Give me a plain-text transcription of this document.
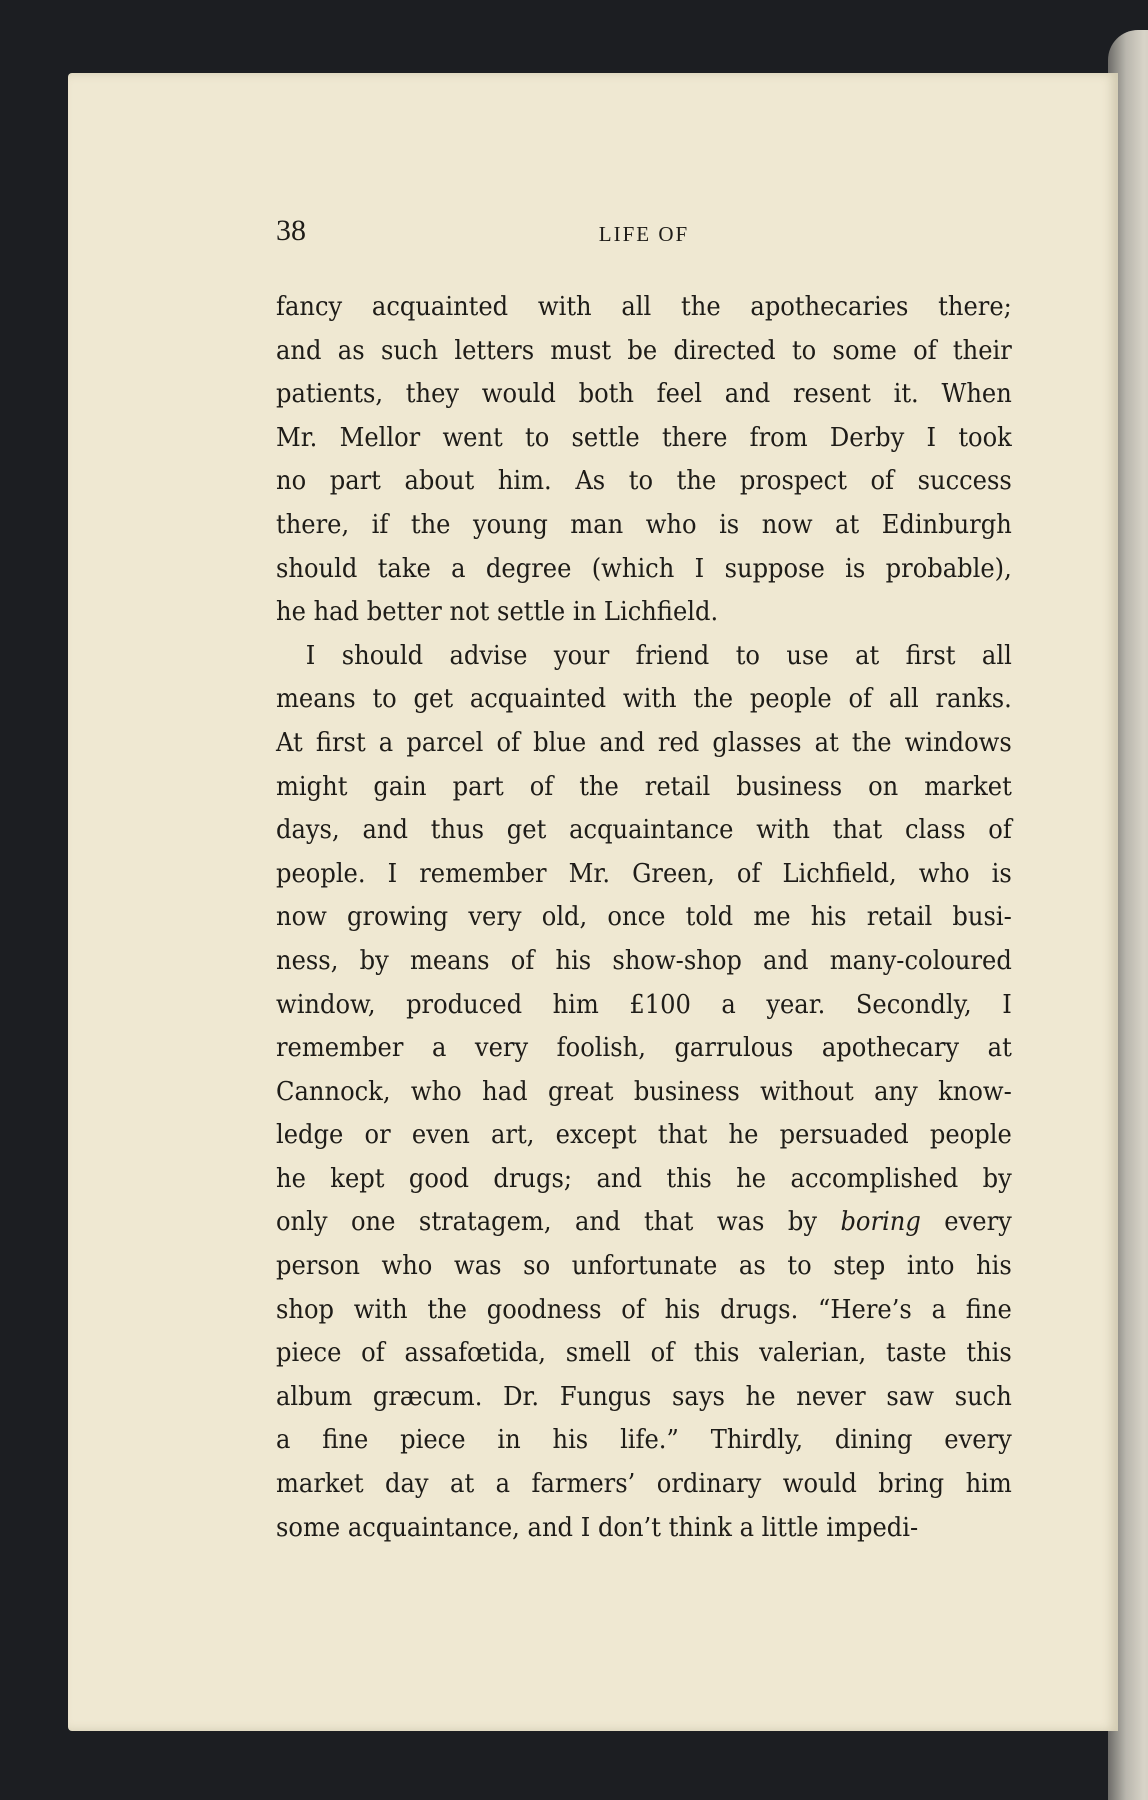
38	LIFE OF
fancy acquainted with all the apothecaries there;
and as such letters must be directed to some of their
patients, they would both feel and resent it. When
Mr. Mellor went to settle there from Derby I took
no part about him. As to the prospect of success
there, if the young man who is now at Edinburgh
should take a degree (which I suppose is probable),
he had better not settle in Lichfield.
I should advise your friend to use at first all
means to get acquainted with the people of all ranks.
At first a parcel of blue and red glasses at the windows
might gain part of the retail business on market
days, and thus get acquaintance with that class of
people. I remember Mr. Green, of Lichfield, who is
now growing very old, once told me his retail busi-
ness, by means of his show-shop and many-coloured
window, produced him £100 a year. Secondly, I
remember a very foolish, garrulous apothecary at
Cannock, who had great business without any know-
ledge or even art, except that he persuaded people
he kept good drugs; and this he accomplished by
only one stratagem, and that was by boring every
person who was so unfortunate as to step into his
shop with the goodness of his drugs. “Here’s a fine
piece of assafœtida, smell of this valerian, taste this
album græcum. Dr. Fungus says he never saw such
a fine piece in his life.” Thirdly, dining every
market day at a farmers’ ordinary would bring him
some acquaintance, and I don’t think a little impedi-
